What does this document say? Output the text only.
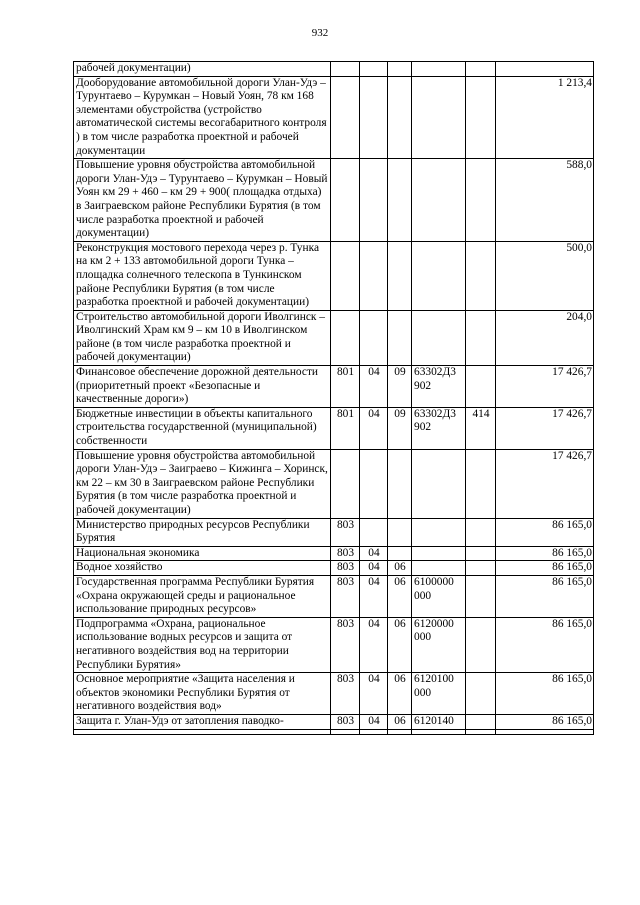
932
рабочей документации)						
Дооборудование автомобильной дороги Улан-Удэ – Турунтаево – Курумкан – Новый Уоян, 78 км 168 элементами обустройства (устройство автоматической системы весогабаритного контроля ) в том числе разработка проектной и рабочей документации						1 213,4
Повышение уровня обустройства автомобильной дороги Улан-Удэ – Турунтаево – Курумкан – Новый Уоян км 29 + 460 – км 29 + 900( площадка отдыха) в Заиграевском районе Республики Бурятия (в том числе разработка проектной и рабочей документации)						588,0
Реконструкция мостового перехода через р. Тунка на км 2 + 133 автомобильной дороги Тунка – площадка солнечного телескопа в Тункинском районе Республики Бурятия (в том числе разработка проектной и рабочей документации)						500,0
Строительство автомобильной дороги Иволгинск – Иволгинский Храм км 9 – км 10 в Иволгинском районе (в том числе разработка проектной и рабочей документации)						204,0
Финансовое обеспечение дорожной деятельности (приоритетный проект «Безопасные и качественные дороги»)	801	04	09	63302Д3 902		17 426,7
Бюджетные инвестиции в объекты капитального строительства государственной (муниципальной) собственности	801	04	09	63302Д3 902	414	17 426,7
Повышение уровня обустройства автомобильной дороги Улан-Удэ – Заиграево – Кижинга – Хоринск, км 22 – км 30 в Заиграевском районе Республики Бурятия (в том числе разработка проектной и рабочей документации)						17 426,7
Министерство природных ресурсов Республики Бурятия	803					86 165,0
Национальная экономика	803	04				86 165,0
Водное хозяйство	803	04	06			86 165,0
Государственная программа Республики Бурятия «Охрана окружающей среды и рациональное использование природных ресурсов»	803	04	06	6100000 000		86 165,0
Подпрограмма «Охрана, рациональное использование водных ресурсов и защита от негативного воздействия вод на территории Республики Бурятия»	803	04	06	6120000 000		86 165,0
Основное мероприятие «Защита населения и объектов экономики Республики Бурятия от негативного воздействия вод»	803	04	06	6120100 000		86 165,0
Защита г. Улан-Удэ от затопления паводко-	803	04	06	6120140		86 165,0
